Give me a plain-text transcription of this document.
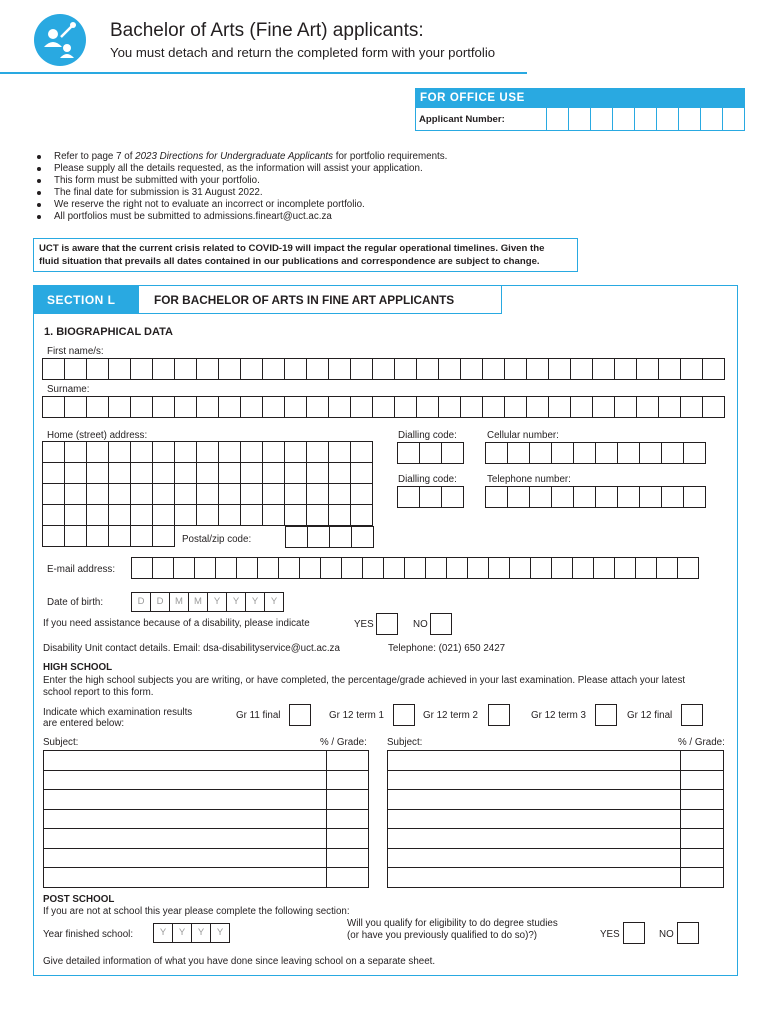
Bachelor of Arts (Fine Art) applicants:
You must detach and return the completed form with your portfolio
FOR OFFICE USE
Applicant Number:
Refer to page 7 of 2023 Directions for Undergraduate Applicants for portfolio requirements.
Please supply all the details requested, as the information will assist your application.
This form must be submitted with your portfolio.
The final date for submission is 31 August 2022.
We reserve the right not to evaluate an incorrect or incomplete portfolio.
All portfolios must be submitted to admissions.fineart@uct.ac.za
UCT is aware that the current crisis related to COVID-19 will impact the regular operational timelines. Given the
fluid situation that prevails all dates contained in our publications and correspondence are subject to change.
SECTION L	FOR BACHELOR OF ARTS IN FINE ART APPLICANTS
1. BIOGRAPHICAL DATA
First name/s:
Surname:
Home (street) address:
Postal/zip code:
Dialling code:	Cellular number:
Dialling code:	Telephone number:
E-mail address:
Date of birth:	D	D	M	M	Y	Y	Y	Y
If you need assistance because of a disability, please indicate	YES	NO
Disability Unit contact details. Email: dsa-disabilityservice@uct.ac.za	Telephone: (021) 650 2427
HIGH SCHOOL
Enter the high school subjects you are writing, or have completed, the percentage/grade achieved in your last examination. Please attach your latest
school report to this form.
Indicate which examination results
are entered below:
Gr 11 final	Gr 12 term 1	Gr 12 term 2	Gr 12 term 3	Gr 12 final
Subject:	% / Grade: Subject:	% / Grade:

POST SCHOOL
If you are not at school this year please complete the following section:
Year finished school:	Y	Y	Y	Y
Will you qualify for eligibility to do degree studies
(or have you previously qualified to do so)?)	YES	NO
Give detailed information of what you have done since leaving school on a separate sheet.
